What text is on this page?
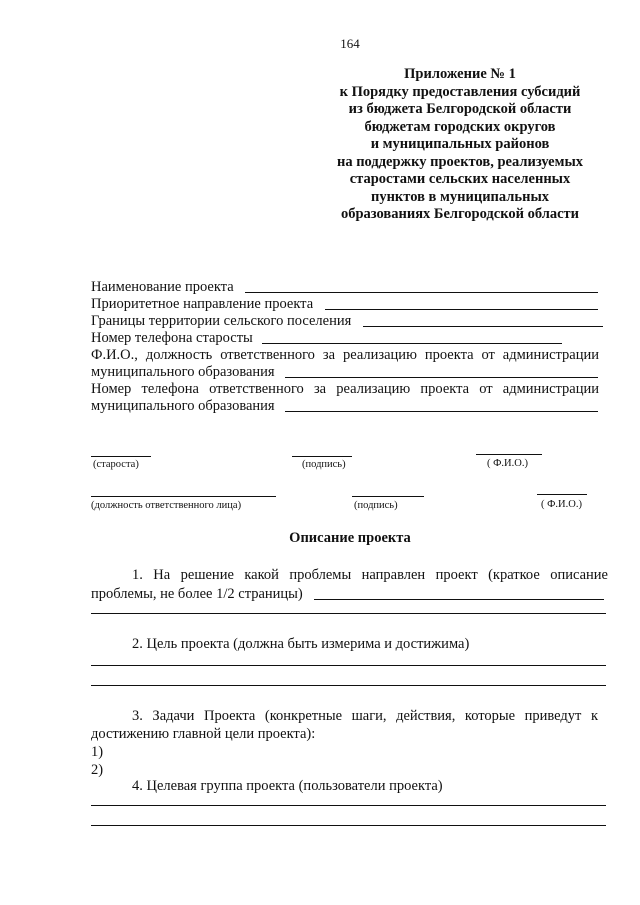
164
Приложение № 1
к Порядку предоставления субсидий
из бюджета Белгородской области
бюджетам городских округов
и муниципальных районов
на поддержку проектов, реализуемых
старостами сельских населенных
пунктов в муниципальных
образованиях Белгородской области
Наименование проекта
Приоритетное направление проекта
Границы территории сельского поселения
Номер телефона старосты
Ф.И.О., должность ответственного за реализацию проекта от администрации
муниципального образования
Номер телефона ответственного за реализацию проекта от администрации
муниципального образования
(староста)	(подпись)	( Ф.И.О.)
(должность ответственного лица)	(подпись)	( Ф.И.О.)
Описание проекта
1. На решение какой проблемы направлен проект (краткое описание
проблемы, не более 1/2 страницы)
2. Цель проекта (должна быть измерима и достижима)
3. Задачи Проекта (конкретные шаги, действия, которые приведут к
достижению главной цели проекта):
1)
2)
4. Целевая группа проекта (пользователи проекта)
